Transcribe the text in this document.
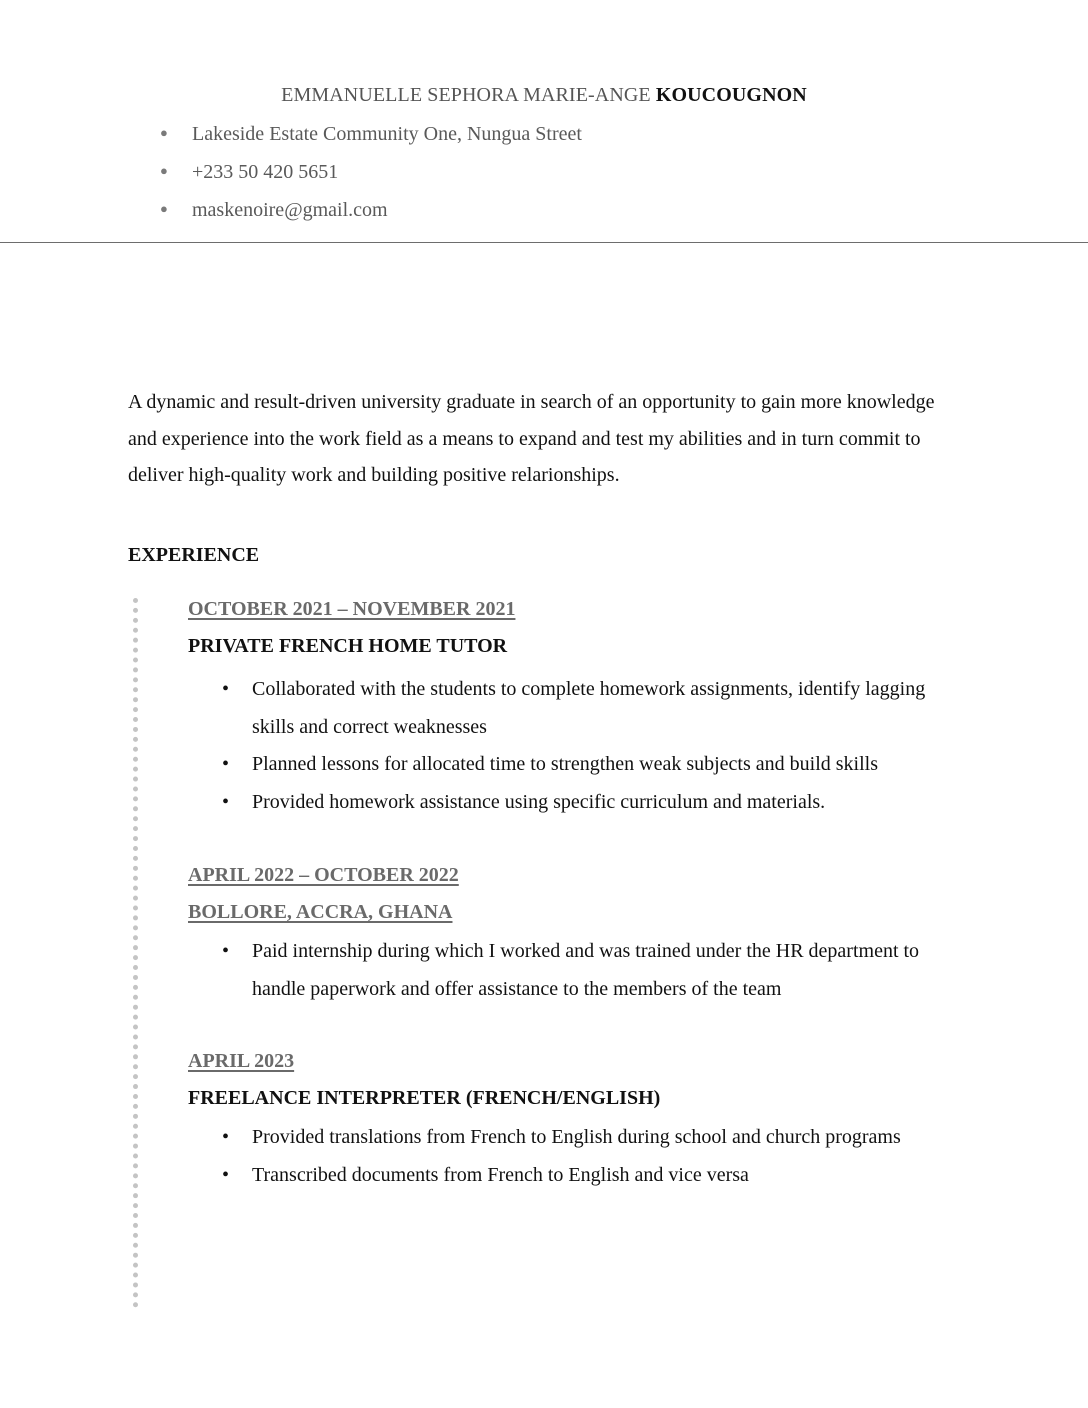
EMMANUELLE SEPHORA MARIE-ANGE KOUCOUGNON
● Lakeside Estate Community One, Nungua Street
● +233 50 420 5651
● maskenoire@gmail.com
A dynamic and result-driven university graduate in search of an opportunity to gain more knowledge and experience into the work field as a means to expand and test my abilities and in turn commit to deliver high-quality work and building positive relarionships.
EXPERIENCE
OCTOBER 2021 – NOVEMBER 2021
PRIVATE FRENCH HOME TUTOR
• Collaborated with the students to complete homework assignments, identify lagging skills and correct weaknesses
• Planned lessons for allocated time to strengthen weak subjects and build skills
• Provided homework assistance using specific curriculum and materials.
APRIL 2022 – OCTOBER 2022
BOLLORE, ACCRA, GHANA
• Paid internship during which I worked and was trained under the HR department to handle paperwork and offer assistance to the members of the team
APRIL 2023
FREELANCE INTERPRETER (FRENCH/ENGLISH)
• Provided translations from French to English during school and church programs
• Transcribed documents from French to English and vice versa
